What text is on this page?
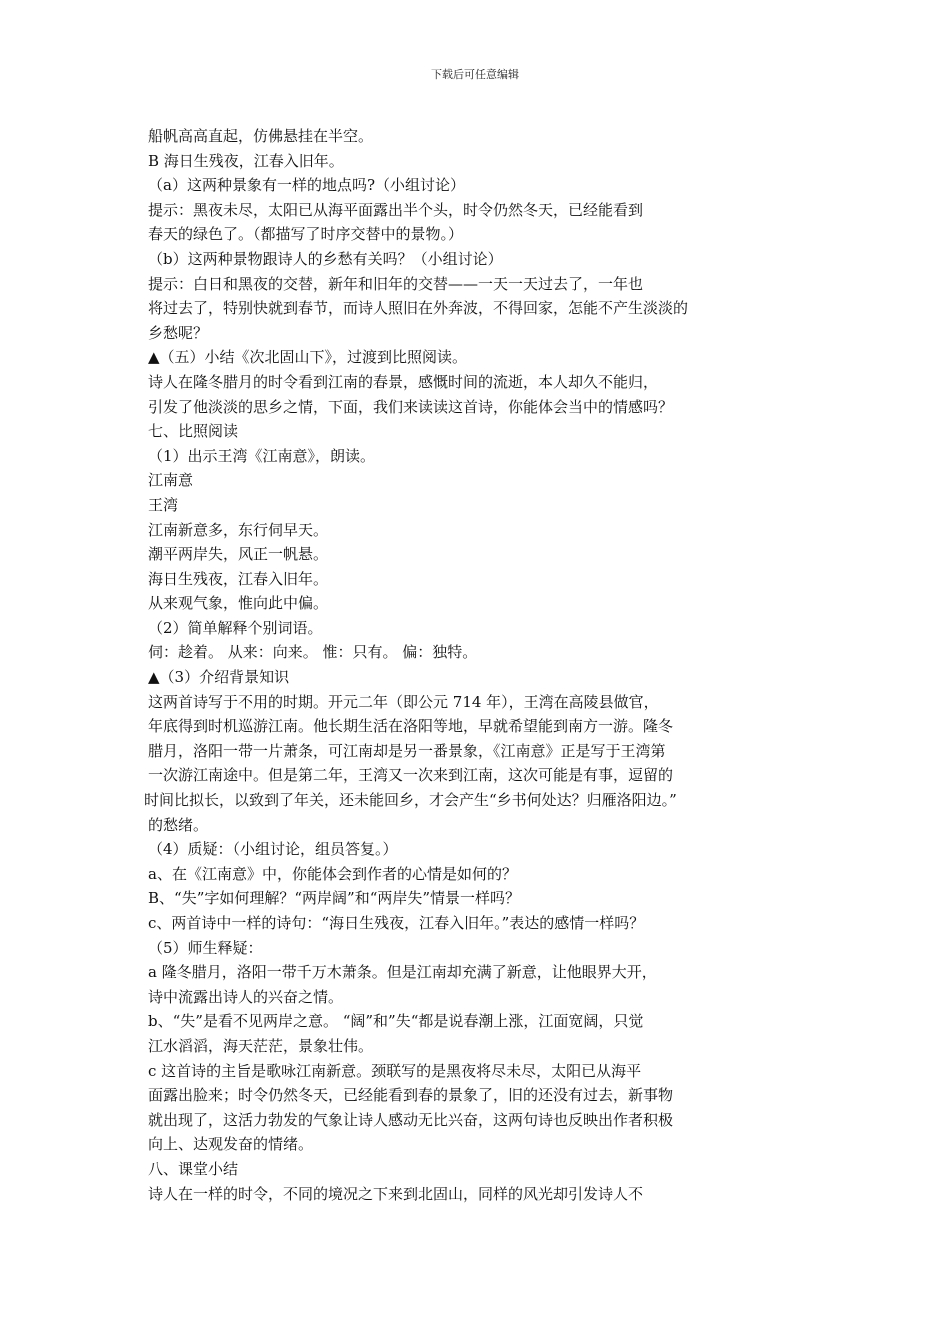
下载后可任意编辑
船帆高高直起，仿佛悬挂在半空。
B 海日生残夜，江春入旧年。
（a）这两种景象有一样的地点吗?（小组讨论）
提示：黑夜未尽，太阳已从海平面露出半个头，时令仍然冬天，已经能看到
春天的绿色了。（都描写了时序交替中的景物。）
（b）这两种景物跟诗人的乡愁有关吗？（小组讨论）
提示：白日和黑夜的交替，新年和旧年的交替——一天一天过去了，一年也
将过去了，特别快就到春节，而诗人照旧在外奔波，不得回家，怎能不产生淡淡的
乡愁呢？
▲（五）小结《次北固山下》，过渡到比照阅读。
诗人在隆冬腊月的时令看到江南的春景，感慨时间的流逝，本人却久不能归，
引发了他淡淡的思乡之情，下面，我们来读读这首诗，你能体会当中的情感吗？
七、比照阅读
（1）出示王湾《江南意》，朗读。
江南意
王湾
江南新意多，东行伺早天。
潮平两岸失，风正一帆悬。
海日生残夜，江春入旧年。
从来观气象，惟向此中偏。
（2）简单解释个别词语。
伺：趁着。 从来：向来。 惟：只有。 偏：独特。
▲（3）介绍背景知识
这两首诗写于不用的时期。开元二年（即公元 714 年），王湾在高陵县做官，
年底得到时机巡游江南。他长期生活在洛阳等地，早就希望能到南方一游。隆冬
腊月，洛阳一带一片萧条，可江南却是另一番景象，《江南意》正是写于王湾第
一次游江南途中。但是第二年，王湾又一次来到江南，这次可能是有事，逗留的
时间比拟长，以致到了年关，还未能回乡，才会产生“乡书何处达？归雁洛阳边。”
的愁绪。
（4）质疑：（小组讨论，组员答复。）
a、在《江南意》中，你能体会到作者的心情是如何的？
B、“失”字如何理解？“两岸阔”和“两岸失”情景一样吗？
c、两首诗中一样的诗句：“海日生残夜，江春入旧年。”表达的感情一样吗？
（5）师生释疑：
a 隆冬腊月，洛阳一带千万木萧条。但是江南却充满了新意，让他眼界大开，
诗中流露出诗人的兴奋之情。
b、“失”是看不见两岸之意。 “阔”和”失“都是说春潮上涨，江面宽阔，只觉
江水滔滔，海天茫茫，景象壮伟。
c 这首诗的主旨是歌咏江南新意。颈联写的是黑夜将尽未尽，太阳已从海平
面露出脸来；时令仍然冬天，已经能看到春的景象了，旧的还没有过去，新事物
就出现了，这活力勃发的气象让诗人感动无比兴奋，这两句诗也反映出作者积极
向上、达观发奋的情绪。
八、课堂小结
诗人在一样的时令，不同的境况之下来到北固山，同样的风光却引发诗人不
